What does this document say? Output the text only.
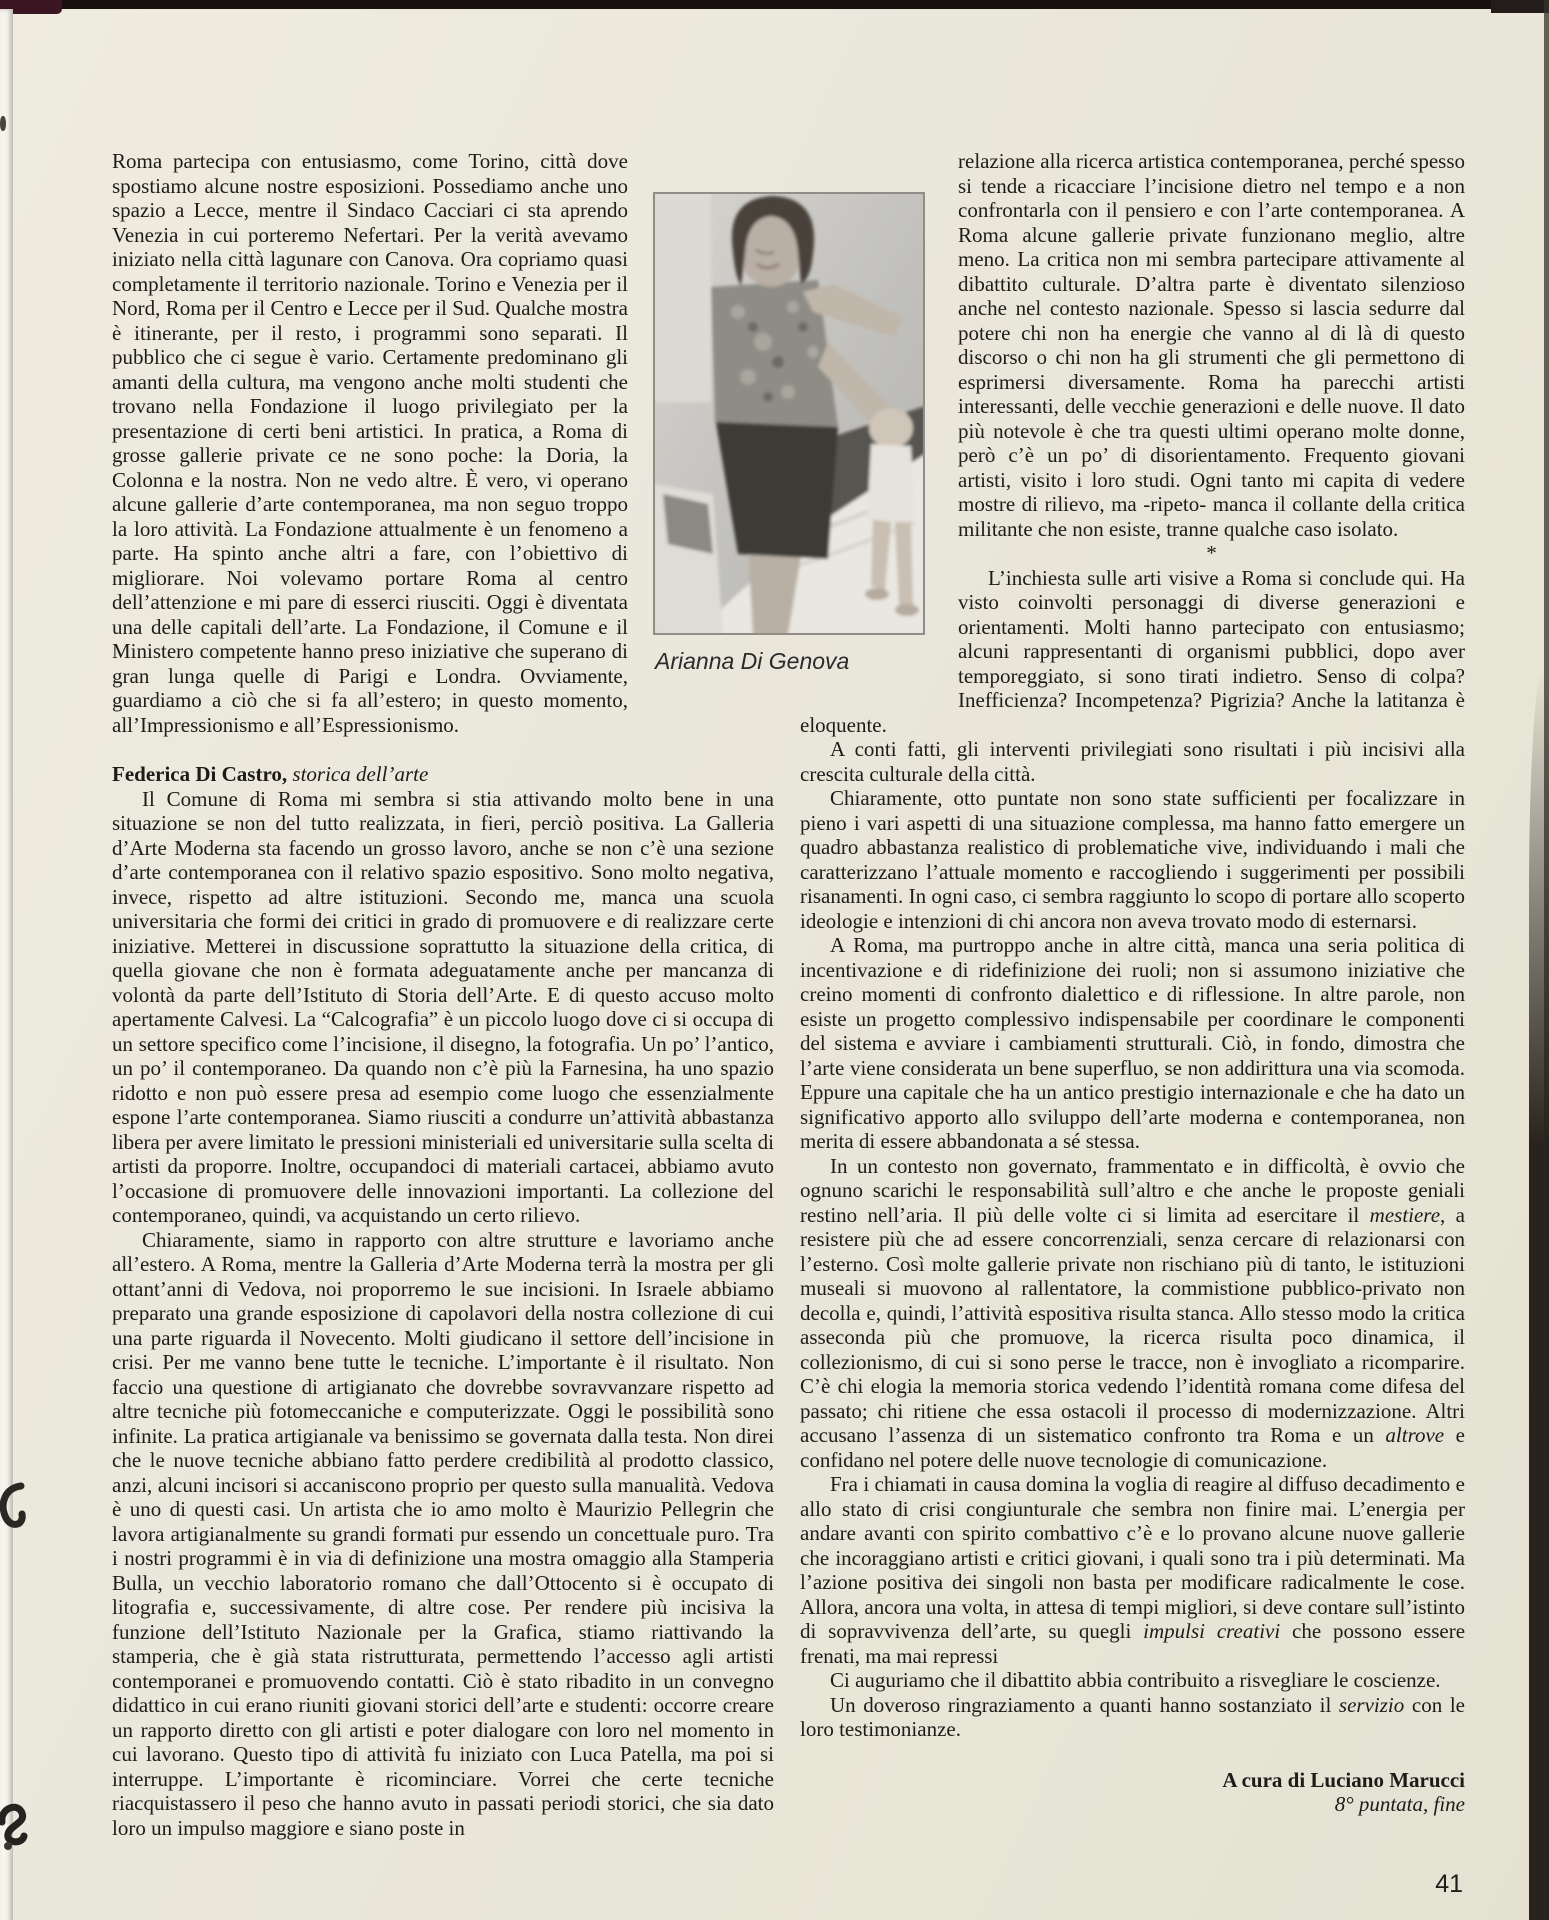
Arianna Di Genova

Roma partecipa con entusiasmo, come Torino, città dove spostiamo alcune nostre esposizioni. Possediamo anche uno spazio a Lecce, mentre il Sindaco Cacciari ci sta aprendo Venezia in cui porteremo Nefertari. Per la verità avevamo iniziato nella città lagunare con Canova. Ora copriamo quasi completamente il territorio nazionale. Torino e Venezia per il Nord, Roma per il Centro e Lecce per il Sud. Qualche mostra è itinerante, per il resto, i programmi sono separati. Il pubblico che ci segue è vario. Certamente predominano gli amanti della cultura, ma vengono anche molti studenti che trovano nella Fondazione il luogo privilegiato per la presentazione di certi beni artistici. In pratica, a Roma di grosse gallerie private ce ne sono poche: la Doria, la Colonna e la nostra. Non ne vedo altre. È vero, vi operano alcune gallerie d’arte contemporanea, ma non seguo troppo la loro attività. La Fondazione attualmente è un fenomeno a parte. Ha spinto anche altri a fare, con l’obiettivo di migliorare. Noi volevamo portare Roma al centro dell’attenzione e mi pare di esserci riusciti. Oggi è diventata una delle capitali dell’arte. La Fondazione, il Comune e il Ministero competente hanno preso iniziative che superano di gran lunga quelle di Parigi e Londra. Ovviamente, guardiamo a ciò che si fa all’estero; in questo momento, all’Impressionismo e all’Espressionismo.

Federica Di Castro, storica dell’arte

Il Comune di Roma mi sembra si stia attivando molto bene in una situazione se non del tutto realizzata, in fieri, perciò positiva. La Galleria d’Arte Moderna sta facendo un grosso lavoro, anche se non c’è una sezione d’arte contemporanea con il relativo spazio espositivo. Sono molto negativa, invece, rispetto ad altre istituzioni. Secondo me, manca una scuola universitaria che formi dei critici in grado di promuovere e di realizzare certe iniziative. Metterei in discussione soprattutto la situazione della critica, di quella giovane che non è formata adeguatamente anche per mancanza di volontà da parte dell’Istituto di Storia dell’Arte. E di questo accuso molto apertamente Calvesi. La “Calcografia” è un piccolo luogo dove ci si occupa di un settore specifico come l’incisione, il disegno, la fotografia. Un po’ l’antico, un po’ il contemporaneo. Da quando non c’è più la Farnesina, ha uno spazio ridotto e non può essere presa ad esempio come luogo che essenzialmente espone l’arte contemporanea. Siamo riusciti a condurre un’attività abbastanza libera per avere limitato le pressioni ministeriali ed universitarie sulla scelta di artisti da proporre. Inoltre, occupandoci di materiali cartacei, abbiamo avuto l’occasione di promuovere delle innovazioni importanti. La collezione del contemporaneo, quindi, va acquistando un certo rilievo.

Chiaramente, siamo in rapporto con altre strutture e lavoriamo anche all’estero. A Roma, mentre la Galleria d’Arte Moderna terrà la mostra per gli ottant’anni di Vedova, noi proporremo le sue incisioni. In Israele abbiamo preparato una grande esposizione di capolavori della nostra collezione di cui una parte riguarda il Novecento. Molti giudicano il settore dell’incisione in crisi. Per me vanno bene tutte le tecniche. L’importante è il risultato. Non faccio una questione di artigianato che dovrebbe sovravvanzare rispetto ad altre tecniche più fotomeccaniche e computerizzate. Oggi le possibilità sono infinite. La pratica artigianale va benissimo se governata dalla testa. Non direi che le nuove tecniche abbiano fatto perdere credibilità al prodotto classico, anzi, alcuni incisori si accaniscono proprio per questo sulla manualità. Vedova è uno di questi casi. Un artista che io amo molto è Maurizio Pellegrin che lavora artigianalmente su grandi formati pur essendo un concettuale puro. Tra i nostri programmi è in via di definizione una mostra omaggio alla Stamperia Bulla, un vecchio laboratorio romano che dall’Ottocento si è occupato di litografia e, successivamente, di altre cose. Per rendere più incisiva la funzione dell’Istituto Nazionale per la Grafica, stiamo riattivando la stamperia, che è già stata ristrutturata, permettendo l’accesso agli artisti contemporanei e promuovendo contatti. Ciò è stato ribadito in un convegno didattico in cui erano riuniti giovani storici dell’arte e studenti: occorre creare un rapporto diretto con gli artisti e poter dialogare con loro nel momento in cui lavorano. Questo tipo di attività fu iniziato con Luca Patella, ma poi si interruppe. L’importante è ricominciare. Vorrei che certe tecniche riacquistassero il peso che hanno avuto in passati periodi storici, che sia dato loro un impulso maggiore e siano poste in

relazione alla ricerca artistica contemporanea, perché spesso si tende a ricacciare l’incisione dietro nel tempo e a non confrontarla con il pensiero e con l’arte contemporanea. A Roma alcune gallerie private funzionano meglio, altre meno. La critica non mi sembra partecipare attivamente al dibattito culturale. D’altra parte è diventato silenzioso anche nel contesto nazionale. Spesso si lascia sedurre dal potere chi non ha energie che vanno al di là di questo discorso o chi non ha gli strumenti che gli permettono di esprimersi diversamente. Roma ha parecchi artisti interessanti, delle vecchie generazioni e delle nuove. Il dato più notevole è che tra questi ultimi operano molte donne, però c’è un po’ di disorientamento. Frequento giovani artisti, visito i loro studi. Ogni tanto mi capita di vedere mostre di rilievo, ma -ripeto- manca il collante della critica militante che non esiste, tranne qualche caso isolato.

*

L’inchiesta sulle arti visive a Roma si conclude qui. Ha visto coinvolti personaggi di diverse generazioni e orientamenti. Molti hanno partecipato con entusiasmo; alcuni rappresentanti di organismi pubblici, dopo aver temporeggiato, si sono tirati indietro. Senso di colpa? Inefficienza? Incompetenza? Pigrizia? Anche la latitanza è eloquente.

A conti fatti, gli interventi privilegiati sono risultati i più incisivi alla crescita culturale della città.

Chiaramente, otto puntate non sono state sufficienti per focalizzare in pieno i vari aspetti di una situazione complessa, ma hanno fatto emergere un quadro abbastanza realistico di problematiche vive, individuando i mali che caratterizzano l’attuale momento e raccogliendo i suggerimenti per possibili risanamenti. In ogni caso, ci sembra raggiunto lo scopo di portare allo scoperto ideologie e intenzioni di chi ancora non aveva trovato modo di esternarsi.

A Roma, ma purtroppo anche in altre città, manca una seria politica di incentivazione e di ridefinizione dei ruoli; non si assumono iniziative che creino momenti di confronto dialettico e di riflessione. In altre parole, non esiste un progetto complessivo indispensabile per coordinare le componenti del sistema e avviare i cambiamenti strutturali. Ciò, in fondo, dimostra che l’arte viene considerata un bene superfluo, se non addirittura una via scomoda. Eppure una capitale che ha un antico prestigio internazionale e che ha dato un significativo apporto allo sviluppo dell’arte moderna e contemporanea, non merita di essere abbandonata a sé stessa.

In un contesto non governato, frammentato e in difficoltà, è ovvio che ognuno scarichi le responsabilità sull’altro e che anche le proposte geniali restino nell’aria. Il più delle volte ci si limita ad esercitare il mestiere, a resistere più che ad essere concorrenziali, senza cercare di relazionarsi con l’esterno. Così molte gallerie private non rischiano più di tanto, le istituzioni museali si muovono al rallentatore, la commistione pubblico-privato non decolla e, quindi, l’attività espositiva risulta stanca. Allo stesso modo la critica asseconda più che promuove, la ricerca risulta poco dinamica, il collezionismo, di cui si sono perse le tracce, non è invogliato a ricomparire. C’è chi elogia la memoria storica vedendo l’identità romana come difesa del passato; chi ritiene che essa ostacoli il processo di modernizzazione. Altri accusano l’assenza di un sistematico confronto tra Roma e un altrove e confidano nel potere delle nuove tecnologie di comunicazione.

Fra i chiamati in causa domina la voglia di reagire al diffuso decadimento e allo stato di crisi congiunturale che sembra non finire mai. L’energia per andare avanti con spirito combattivo c’è e lo provano alcune nuove gallerie che incoraggiano artisti e critici giovani, i quali sono tra i più determinati. Ma l’azione positiva dei singoli non basta per modificare radicalmente le cose. Allora, ancora una volta, in attesa di tempi migliori, si deve contare sull’istinto di sopravvivenza dell’arte, su quegli impulsi creativi che possono essere frenati, ma mai repressi

Ci auguriamo che il dibattito abbia contribuito a risvegliare le coscienze.

Un doveroso ringraziamento a quanti hanno sostanziato il servizio con le loro testimonianze.

A cura di Luciano Marucci

8° puntata, fine

41
